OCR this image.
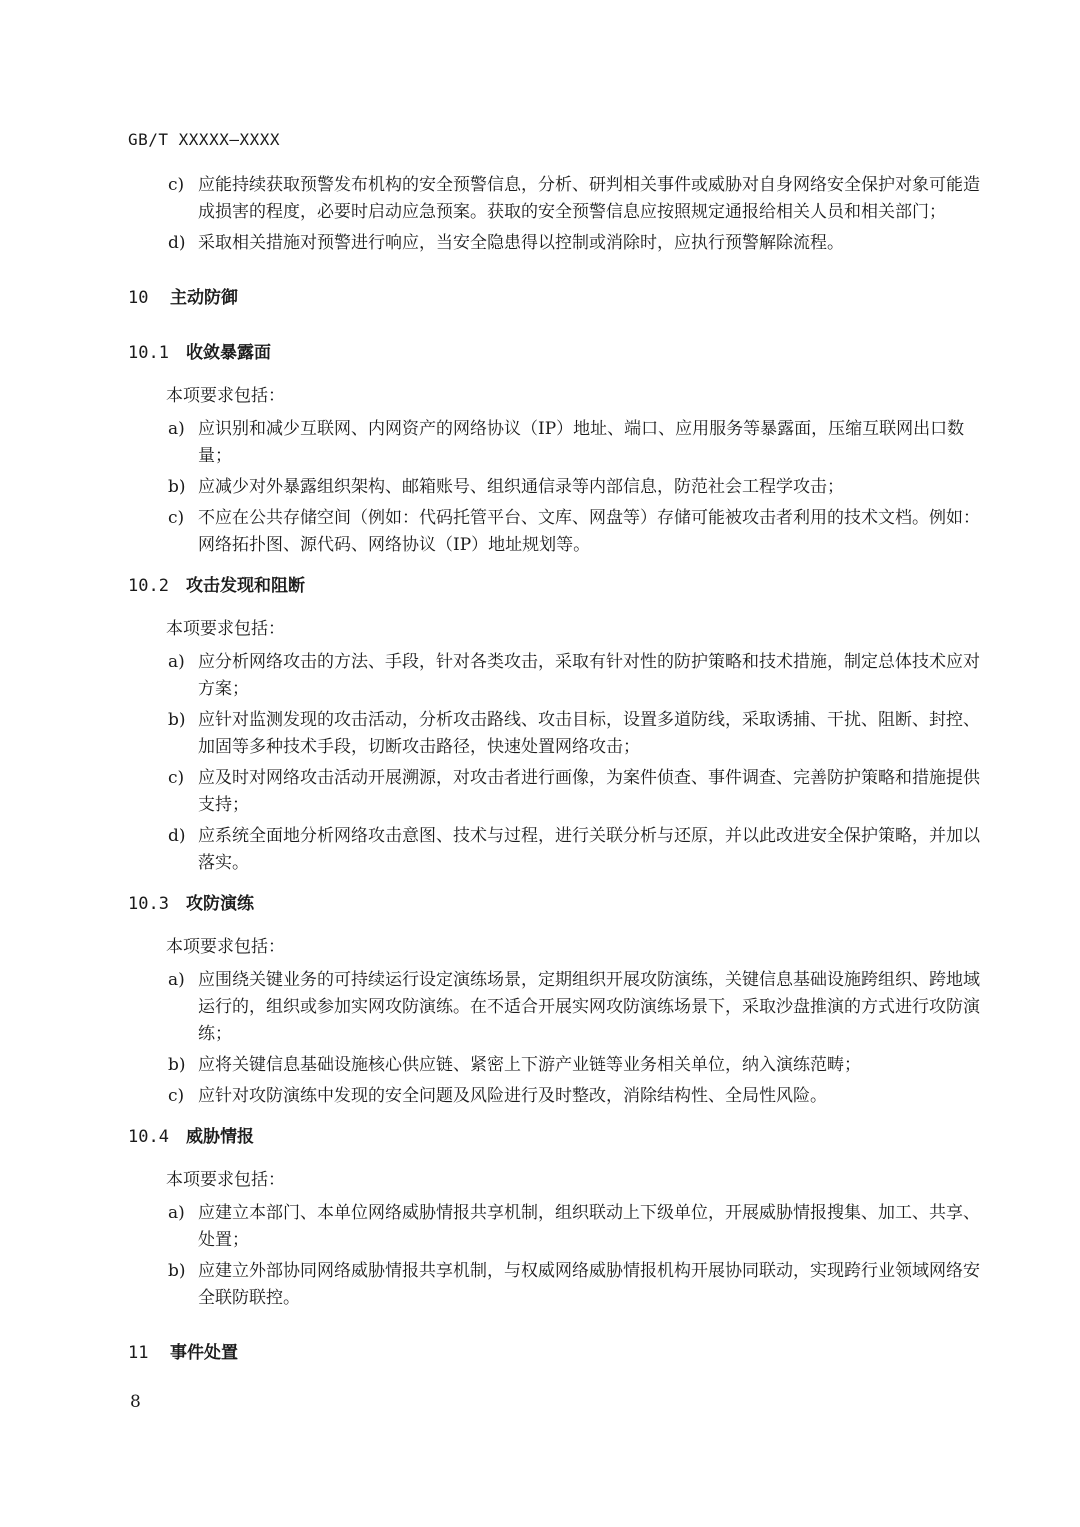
GB/T XXXXX—XXXX
c) 应能持续获取预警发布机构的安全预警信息，分析、研判相关事件或威胁对自身网络安全保护对象可能造成损害的程度，必要时启动应急预案。获取的安全预警信息应按照规定通报给相关人员和相关部门；
d) 采取相关措施对预警进行响应，当安全隐患得以控制或消除时，应执行预警解除流程。
10 主动防御
10.1 收敛暴露面
本项要求包括：
a) 应识别和减少互联网、内网资产的网络协议（IP）地址、端口、应用服务等暴露面，压缩互联网出口数量；
b) 应减少对外暴露组织架构、邮箱账号、组织通信录等内部信息，防范社会工程学攻击；
c) 不应在公共存储空间（例如：代码托管平台、文库、网盘等）存储可能被攻击者利用的技术文档。例如：网络拓扑图、源代码、网络协议（IP）地址规划等。
10.2 攻击发现和阻断
本项要求包括：
a) 应分析网络攻击的方法、手段，针对各类攻击，采取有针对性的防护策略和技术措施，制定总体技术应对方案；
b) 应针对监测发现的攻击活动，分析攻击路线、攻击目标，设置多道防线，采取诱捕、干扰、阻断、封控、加固等多种技术手段，切断攻击路径，快速处置网络攻击；
c) 应及时对网络攻击活动开展溯源，对攻击者进行画像，为案件侦查、事件调查、完善防护策略和措施提供支持；
d) 应系统全面地分析网络攻击意图、技术与过程，进行关联分析与还原，并以此改进安全保护策略，并加以落实。
10.3 攻防演练
本项要求包括：
a) 应围绕关键业务的可持续运行设定演练场景，定期组织开展攻防演练，关键信息基础设施跨组织、跨地域运行的，组织或参加实网攻防演练。在不适合开展实网攻防演练场景下，采取沙盘推演的方式进行攻防演练；
b) 应将关键信息基础设施核心供应链、紧密上下游产业链等业务相关单位，纳入演练范畴；
c) 应针对攻防演练中发现的安全问题及风险进行及时整改，消除结构性、全局性风险。
10.4 威胁情报
本项要求包括：
a) 应建立本部门、本单位网络威胁情报共享机制，组织联动上下级单位，开展威胁情报搜集、加工、共享、处置；
b) 应建立外部协同网络威胁情报共享机制，与权威网络威胁情报机构开展协同联动，实现跨行业领域网络安全联防联控。
11 事件处置
8
